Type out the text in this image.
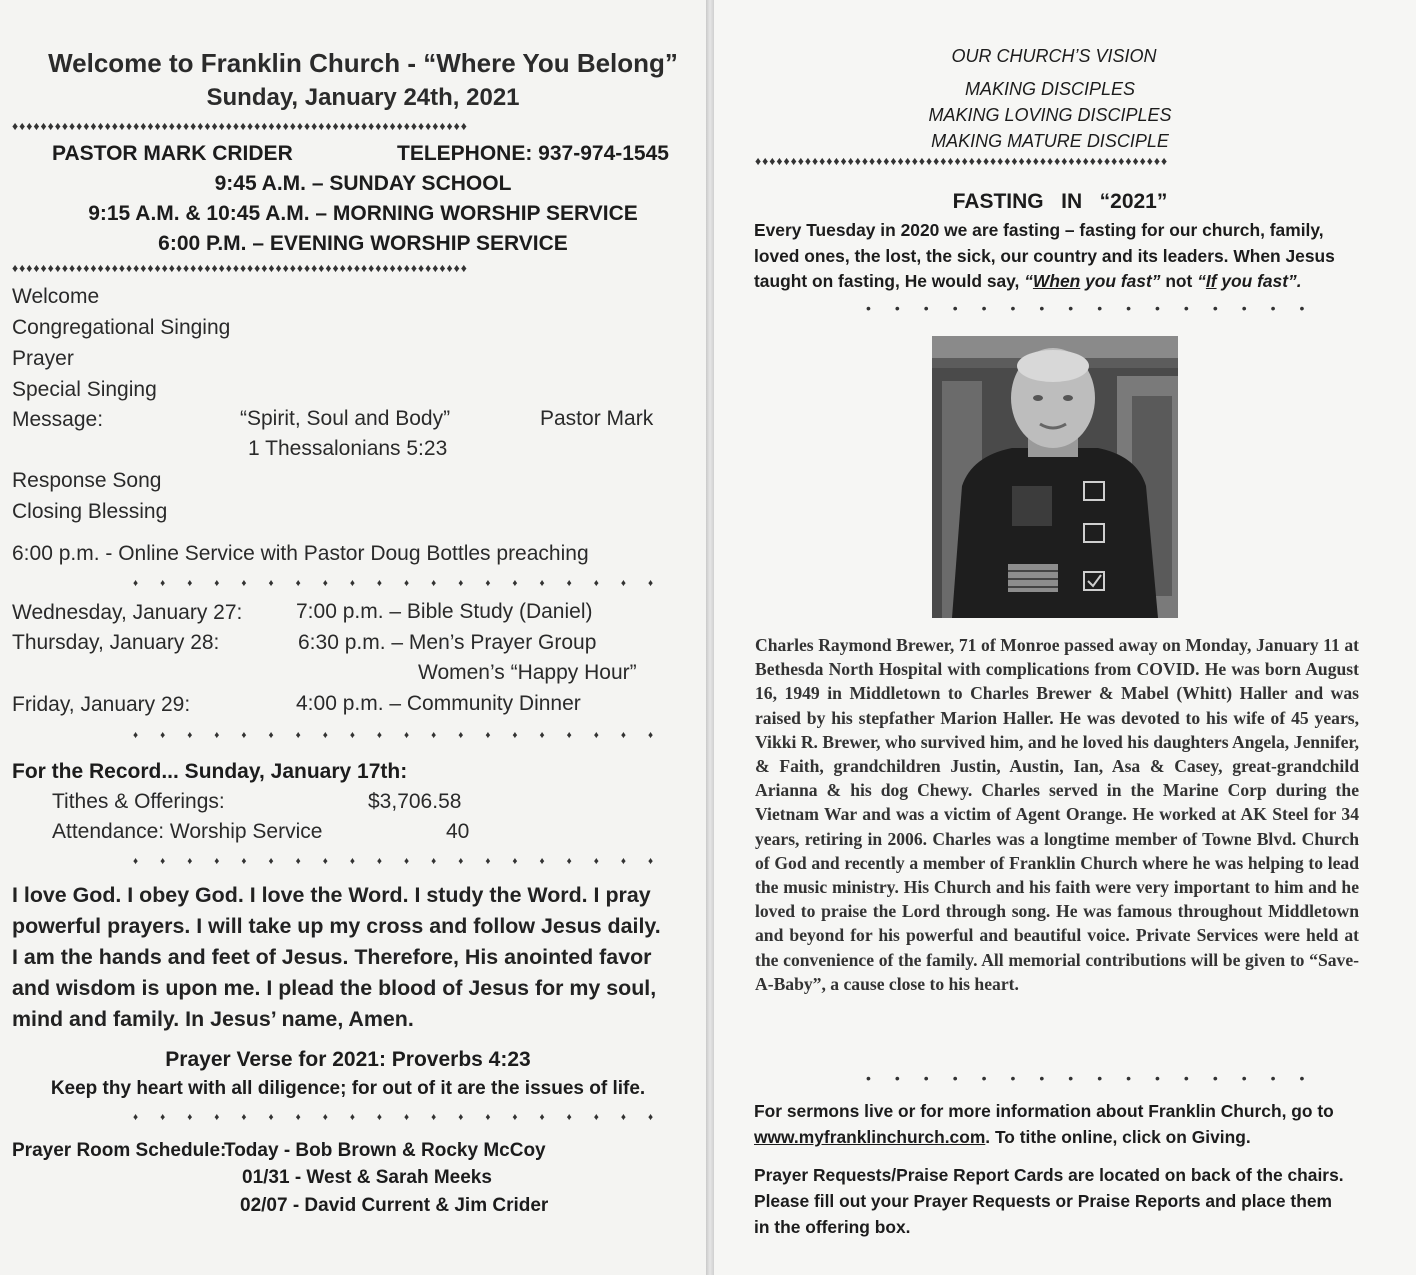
Welcome to Franklin Church - “Where You Belong”
Sunday, January 24th, 2021
♦♦♦♦♦♦♦♦♦♦♦♦♦♦♦♦♦♦♦♦♦♦♦♦♦♦♦♦♦♦♦♦♦♦♦♦♦♦♦♦♦♦♦♦♦♦♦♦♦♦♦♦♦♦♦♦♦♦♦♦♦♦♦♦
PASTOR MARK CRIDER	TELEPHONE: 937-974-1545
9:45 A.M. – SUNDAY SCHOOL
9:15 A.M. & 10:45 A.M. – MORNING WORSHIP SERVICE
6:00 P.M. – EVENING WORSHIP SERVICE
♦♦♦♦♦♦♦♦♦♦♦♦♦♦♦♦♦♦♦♦♦♦♦♦♦♦♦♦♦♦♦♦♦♦♦♦♦♦♦♦♦♦♦♦♦♦♦♦♦♦♦♦♦♦♦♦♦♦♦♦♦♦♦♦
Welcome
Congregational Singing
Prayer
Special Singing
Message:	“Spirit, Soul and Body”	Pastor Mark
1 Thessalonians 5:23
Response Song
Closing Blessing
6:00 p.m. - Online Service with Pastor Doug Bottles preaching
♦♦♦♦♦♦♦♦♦♦♦♦♦♦♦♦♦♦♦♦
Wednesday, January 27:	7:00 p.m. – Bible Study (Daniel)
Thursday, January 28:	6:30 p.m. – Men’s Prayer Group
Women’s “Happy Hour”
Friday, January 29:	4:00 p.m. – Community Dinner
♦♦♦♦♦♦♦♦♦♦♦♦♦♦♦♦♦♦♦♦
For the Record... Sunday, January 17th:
Tithes & Offerings:	$3,706.58
Attendance: Worship Service	40
♦♦♦♦♦♦♦♦♦♦♦♦♦♦♦♦♦♦♦♦
I love God. I obey God. I love the Word. I study the Word. I pray
powerful prayers. I will take up my cross and follow Jesus daily.
I am the hands and feet of Jesus. Therefore, His anointed favor
and wisdom is upon me. I plead the blood of Jesus for my soul,
mind and family. In Jesus’ name, Amen.
Prayer Verse for 2021: Proverbs 4:23
Keep thy heart with all diligence; for out of it are the issues of life.
♦♦♦♦♦♦♦♦♦♦♦♦♦♦♦♦♦♦♦♦
Prayer Room Schedule:
Today - Bob Brown & Rocky McCoy
01/31 - West & Sarah Meeks
02/07 - David Current & Jim Crider
OUR CHURCH’S VISION
MAKING DISCIPLES
MAKING LOVING DISCIPLES
MAKING MATURE DISCIPLE
♦♦♦♦♦♦♦♦♦♦♦♦♦♦♦♦♦♦♦♦♦♦♦♦♦♦♦♦♦♦♦♦♦♦♦♦♦♦♦♦♦♦♦♦♦♦♦♦♦♦♦♦♦♦♦♦♦♦
FASTING   IN   “2021”
Every Tuesday in 2020 we are fasting – fasting for our church, family,
loved ones, the lost, the sick, our country and its leaders. When Jesus
taught on fasting, He would say, “When you fast” not “If you fast”.
••••••••••••••••
Charles Raymond Brewer, 71 of Monroe passed away on Monday, January 11 at Bethesda North Hospital with complications from COVID. He was born August 16, 1949 in Middletown to Charles Brewer & Mabel (Whitt) Haller and was raised by his stepfather Marion Haller. He was devoted to his wife of 45 years, Vikki R. Brewer, who survived him, and he loved his daughters Angela, Jennifer, & Faith, grandchildren Justin, Austin, Ian, Asa & Casey, great-grandchild Arianna & his dog Chewy. Charles served in the Marine Corp during the Vietnam War and was a victim of Agent Orange. He worked at AK Steel for 34 years, retiring in 2006. Charles was a longtime member of Towne Blvd. Church of God and recently a member of Franklin Church where he was helping to lead the music ministry. His Church and his faith were very important to him and he loved to praise the Lord through song. He was famous throughout Middletown and beyond for his powerful and beautiful voice. Private Services were held at the convenience of the family. All memorial contributions will be given to “Save-A-Baby”, a cause close to his heart.
••••••••••••••••
For sermons live or for more information about Franklin Church, go to
www.myfranklinchurch.com. To tithe online, click on Giving.
Prayer Requests/Praise Report Cards are located on back of the chairs.
Please fill out your Prayer Requests or Praise Reports and place them
in the offering box.
